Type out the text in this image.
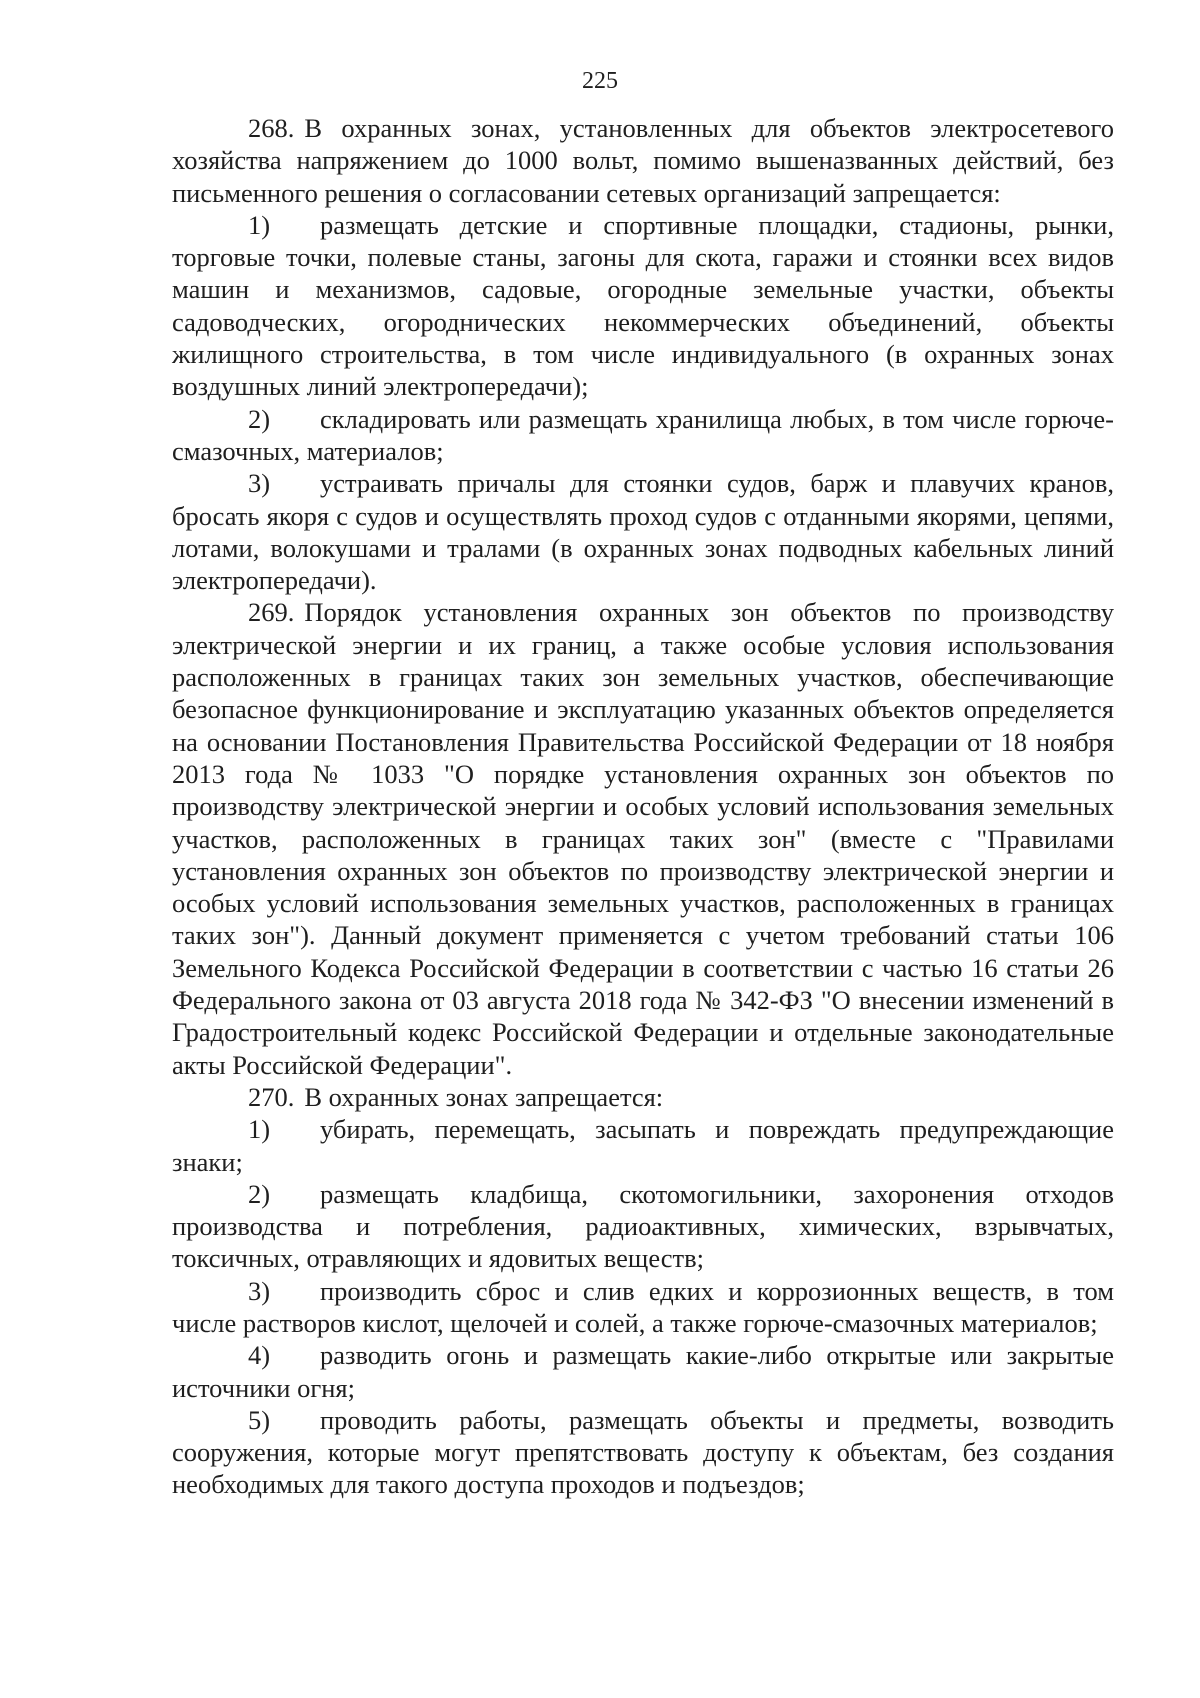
225

268. В охранных зонах, установленных для объектов электросетевого хозяйства напряжением до 1000 вольт, помимо вышеназванных действий, без письменного решения о согласовании сетевых организаций запрещается:

1) размещать детские и спортивные площадки, стадионы, рынки, торговые точки, полевые станы, загоны для скота, гаражи и стоянки всех видов машин и механизмов, садовые, огородные земельные участки, объекты садоводческих, огороднических некоммерческих объединений, объекты жилищного строительства, в том числе индивидуального (в охранных зонах воздушных линий электропередачи);

2) складировать или размещать хранилища любых, в том числе горюче-смазочных, материалов;

3) устраивать причалы для стоянки судов, барж и плавучих кранов, бросать якоря с судов и осуществлять проход судов с отданными якорями, цепями, лотами, волокушами и тралами (в охранных зонах подводных кабельных линий электропередачи).

269. Порядок установления охранных зон объектов по производству электрической энергии и их границ, а также особые условия использования расположенных в границах таких зон земельных участков, обеспечивающие безопасное функционирование и эксплуатацию указанных объектов определяется на основании Постановления Правительства Российской Федерации от 18 ноября 2013 года № 1033 "О порядке установления охранных зон объектов по производству электрической энергии и особых условий использования земельных участков, расположенных в границах таких зон" (вместе с "Правилами установления охранных зон объектов по производству электрической энергии и особых условий использования земельных участков, расположенных в границах таких зон"). Данный документ применяется с учетом требований статьи 106 Земельного Кодекса Российской Федерации в соответствии с частью 16 статьи 26 Федерального закона от 03 августа 2018 года № 342-ФЗ "О внесении изменений в Градостроительный кодекс Российской Федерации и отдельные законодательные акты Российской Федерации".

270. В охранных зонах запрещается:

1) убирать, перемещать, засыпать и повреждать предупреждающие знаки;

2) размещать кладбища, скотомогильники, захоронения отходов производства и потребления, радиоактивных, химических, взрывчатых, токсичных, отравляющих и ядовитых веществ;

3) производить сброс и слив едких и коррозионных веществ, в том числе растворов кислот, щелочей и солей, а также горюче-смазочных материалов;

4) разводить огонь и размещать какие-либо открытые или закрытые источники огня;

5) проводить работы, размещать объекты и предметы, возводить сооружения, которые могут препятствовать доступу к объектам, без создания необходимых для такого доступа проходов и подъездов;
